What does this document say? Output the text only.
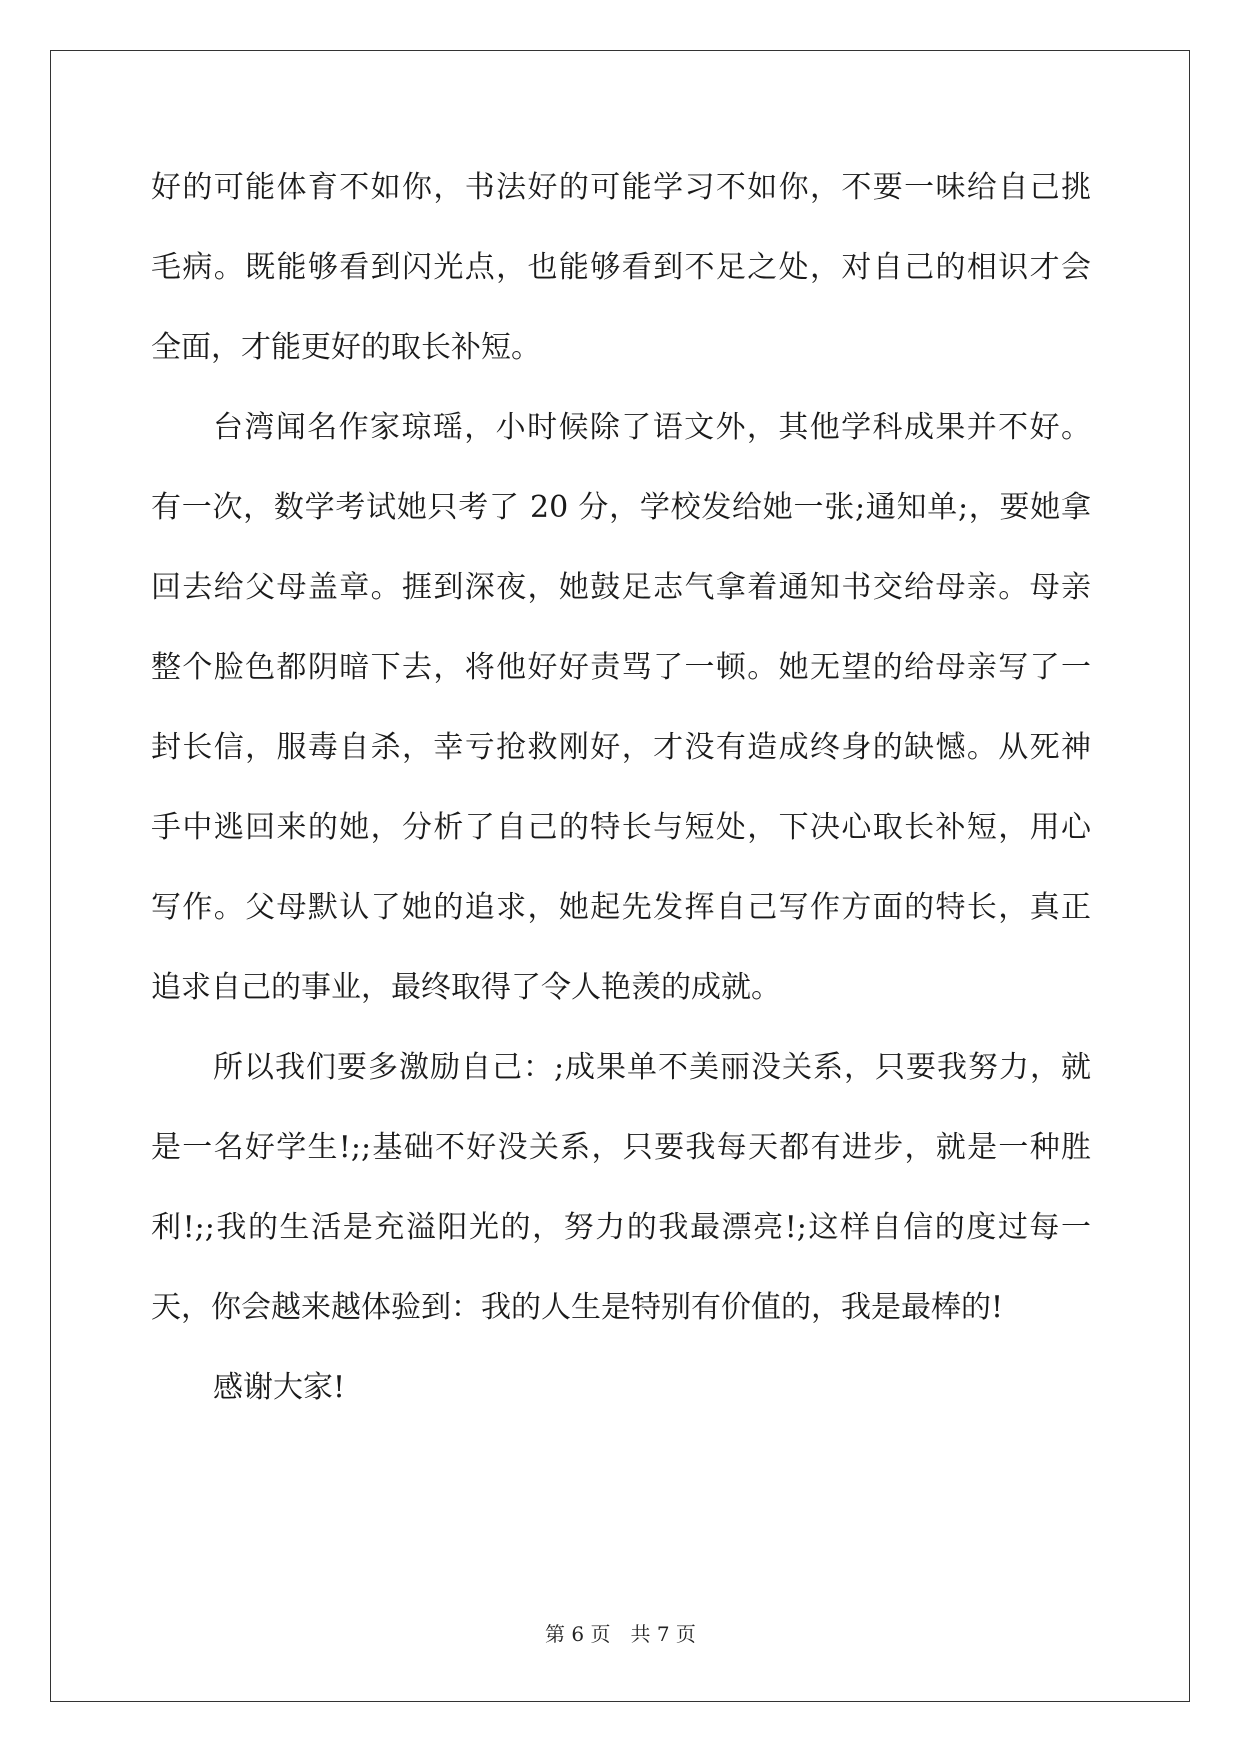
好的可能体育不如你，书法好的可能学习不如你，不要一味给自己挑
毛病。既能够看到闪光点，也能够看到不足之处，对自己的相识才会
全面，才能更好的取长补短。
台湾闻名作家琼瑶，小时候除了语文外，其他学科成果并不好。
有一次，数学考试她只考了 20 分，学校发给她一张;通知单;，要她拿
回去给父母盖章。捱到深夜，她鼓足志气拿着通知书交给母亲。母亲
整个脸色都阴暗下去，将他好好责骂了一顿。她无望的给母亲写了一
封长信，服毒自杀，幸亏抢救刚好，才没有造成终身的缺憾。从死神
手中逃回来的她，分析了自己的特长与短处，下决心取长补短，用心
写作。父母默认了她的追求，她起先发挥自己写作方面的特长，真正
追求自己的事业，最终取得了令人艳羡的成就。
所以我们要多激励自己：;成果单不美丽没关系，只要我努力，就
是一名好学生!;;基础不好没关系，只要我每天都有进步，就是一种胜
利!;;我的生活是充溢阳光的，努力的我最漂亮!;这样自信的度过每一
天，你会越来越体验到：我的人生是特别有价值的，我是最棒的!
感谢大家!
第 6 页　共 7 页
